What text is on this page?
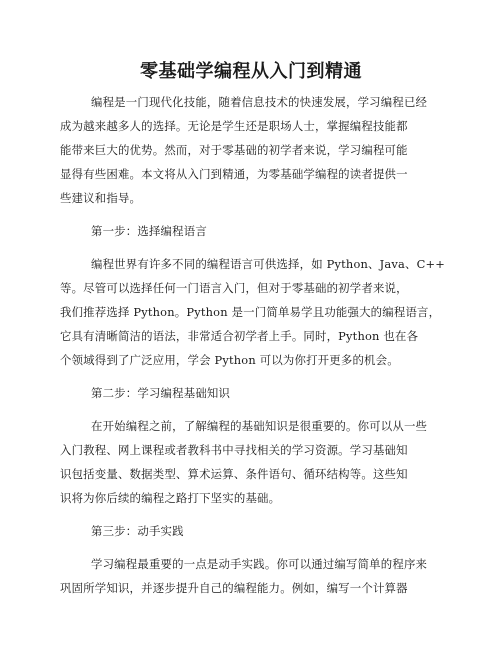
零基础学编程从入门到精通
编程是一门现代化技能，随着信息技术的快速发展，学习编程已经
成为越来越多人的选择。无论是学生还是职场人士，掌握编程技能都
能带来巨大的优势。然而，对于零基础的初学者来说，学习编程可能
显得有些困难。本文将从入门到精通，为零基础学编程的读者提供一
些建议和指导。
第一步：选择编程语言
编程世界有许多不同的编程语言可供选择，如 Python、Java、C++
等。尽管可以选择任何一门语言入门，但对于零基础的初学者来说，
我们推荐选择 Python。Python 是一门简单易学且功能强大的编程语言，
它具有清晰简洁的语法，非常适合初学者上手。同时，Python 也在各
个领域得到了广泛应用，学会 Python 可以为你打开更多的机会。
第二步：学习编程基础知识
在开始编程之前，了解编程的基础知识是很重要的。你可以从一些
入门教程、网上课程或者教科书中寻找相关的学习资源。学习基础知
识包括变量、数据类型、算术运算、条件语句、循环结构等。这些知
识将为你后续的编程之路打下坚实的基础。
第三步：动手实践
学习编程最重要的一点是动手实践。你可以通过编写简单的程序来
巩固所学知识，并逐步提升自己的编程能力。例如，编写一个计算器
